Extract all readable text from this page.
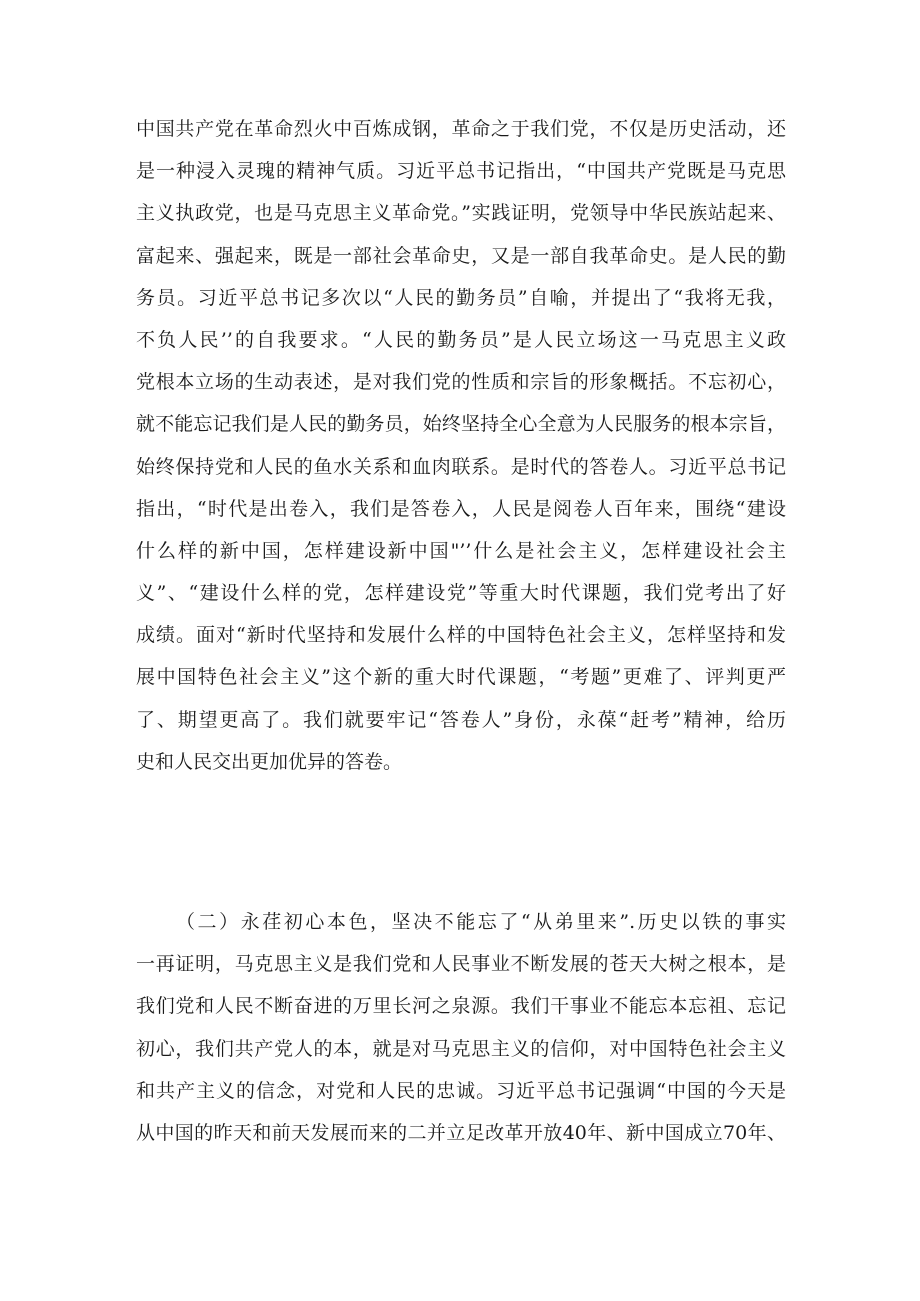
中国共产党在革命烈火中百炼成钢，革命之于我们党，不仅是历史活动，还
是一种浸入灵瑰的精神气质。习近平总书记指出，“中国共产党既是马克思
主义执政党，也是马克思主义革命党。”实践证明，党领导中华民族站起来、
富起来、强起来，既是一部社会革命史，又是一部自我革命史。是人民的勤
务员。习近平总书记多次以“人民的勤务员”自喻，并提出了“我将无我，
不负人民’’的自我要求。“人民的勤务员”是人民立场这一马克思主义政
党根本立场的生动表述，是对我们党的性质和宗旨的形象概括。不忘初心，
就不能忘记我们是人民的勤务员，始终坚持全心全意为人民服务的根本宗旨，
始终保持党和人民的鱼水关系和血肉联系。是时代的答卷人。习近平总书记
指出，“时代是出卷入，我们是答卷入，人民是阅卷人百年来，围绕“建设
什么样的新中国，怎样建设新中国"’’什么是社会主义，怎样建设社会主
义”、“建设什么样的党，怎样建设党”等重大时代课题，我们党考出了好
成绩。面对“新时代坚持和发展什么样的中国特色社会主义，怎样坚持和发
展中国特色社会主义”这个新的重大时代课题，“考题”更难了、评判更严
了、期望更高了。我们就要牢记“答卷人”身份，永葆“赶考”精神，给历
史和人民交出更加优异的答卷。
（二）永荏初心本色，坚决不能忘了“从弟里来”.历史以铁的事实
一再证明，马克思主义是我们党和人民事业不断发展的苍天大树之根本，是
我们党和人民不断奋进的万里长河之泉源。我们干事业不能忘本忘祖、忘记
初心，我们共产党人的本，就是对马克思主义的信仰，对中国特色社会主义
和共产主义的信念，对党和人民的忠诚。习近平总书记强调“中国的今天是
从中国的昨天和前天发展而来的二并立足改革开放40年、新中国成立70年、
